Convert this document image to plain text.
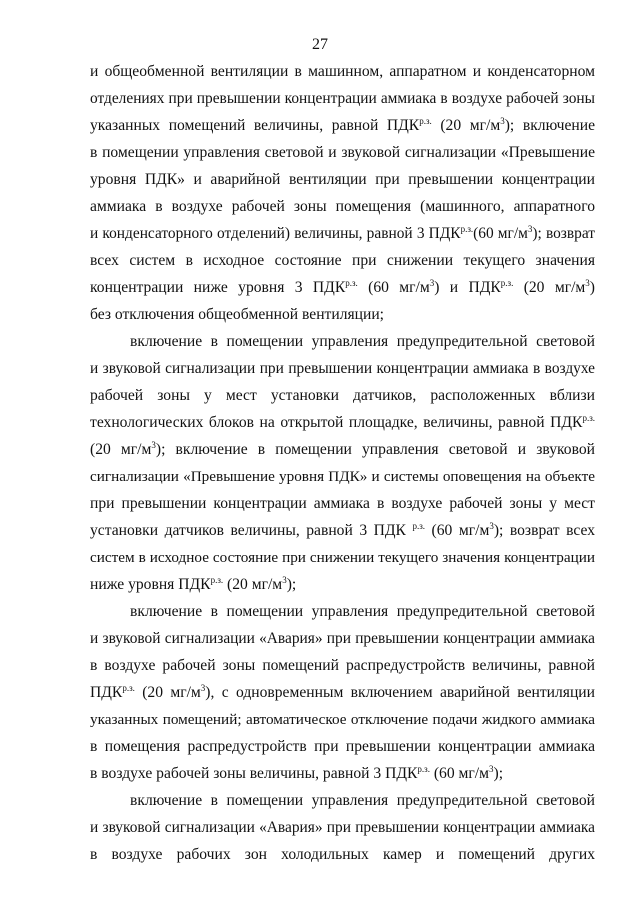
27
и общеобменной вентиляции в машинном, аппаратном и конденсаторном
отделениях при превышении концентрации аммиака в воздухе рабочей зоны
указанных помещений величины, равной $ПДК^{р.з.}$ (20 $мг/м^3$); включение
в помещении управления световой и звуковой сигнализации «Превышение
уровня ПДК» и аварийной вентиляции при превышении концентрации
аммиака в воздухе рабочей зоны помещения (машинного, аппаратного
и конденсаторного отделений) величины, равной 3 $ПДК^{р.з.}(60$ $мг/м^3$); возврат
всех систем в исходное состояние при снижении текущего значения
концентрации ниже уровня 3 $ПДК^{р.з.}$ (60 $мг/м^3$) и $ПДК^{р.з.}$ (20 $мг/м^3$)
без отключения общеобменной вентиляции;
включение в помещении управления предупредительной световой
и звуковой сигнализации при превышении концентрации аммиака в воздухе
рабочей зоны у мест установки датчиков, расположенных вблизи
технологических блоков на открытой площадке, величины, равной $ПДК^{р.з.}$
(20 $мг/м^3$); включение в помещении управления световой и звуковой
сигнализации «Превышение уровня ПДК» и системы оповещения на объекте
при превышении концентрации аммиака в воздухе рабочей зоны у мест
установки датчиков величины, равной 3 ПДК $^{р.з.}$ (60 $мг/м^3$); возврат всех
систем в исходное состояние при снижении текущего значения концентрации
ниже уровня $ПДК^{р.з.}$ (20 $мг/м^3$);
включение в помещении управления предупредительной световой
и звуковой сигнализации «Авария» при превышении концентрации аммиака
в воздухе рабочей зоны помещений распредустройств величины, равной
$ПДК^{р.з.}$ (20 $мг/м^3$), с одновременным включением аварийной вентиляции
указанных помещений; автоматическое отключение подачи жидкого аммиака
в помещения распредустройств при превышении концентрации аммиака
в воздухе рабочей зоны величины, равной 3 $ПДК^{р.з.}$ (60 $мг/м^3$);
включение в помещении управления предупредительной световой
и звуковой сигнализации «Авария» при превышении концентрации аммиака
в воздухе рабочих зон холодильных камер и помещений других
